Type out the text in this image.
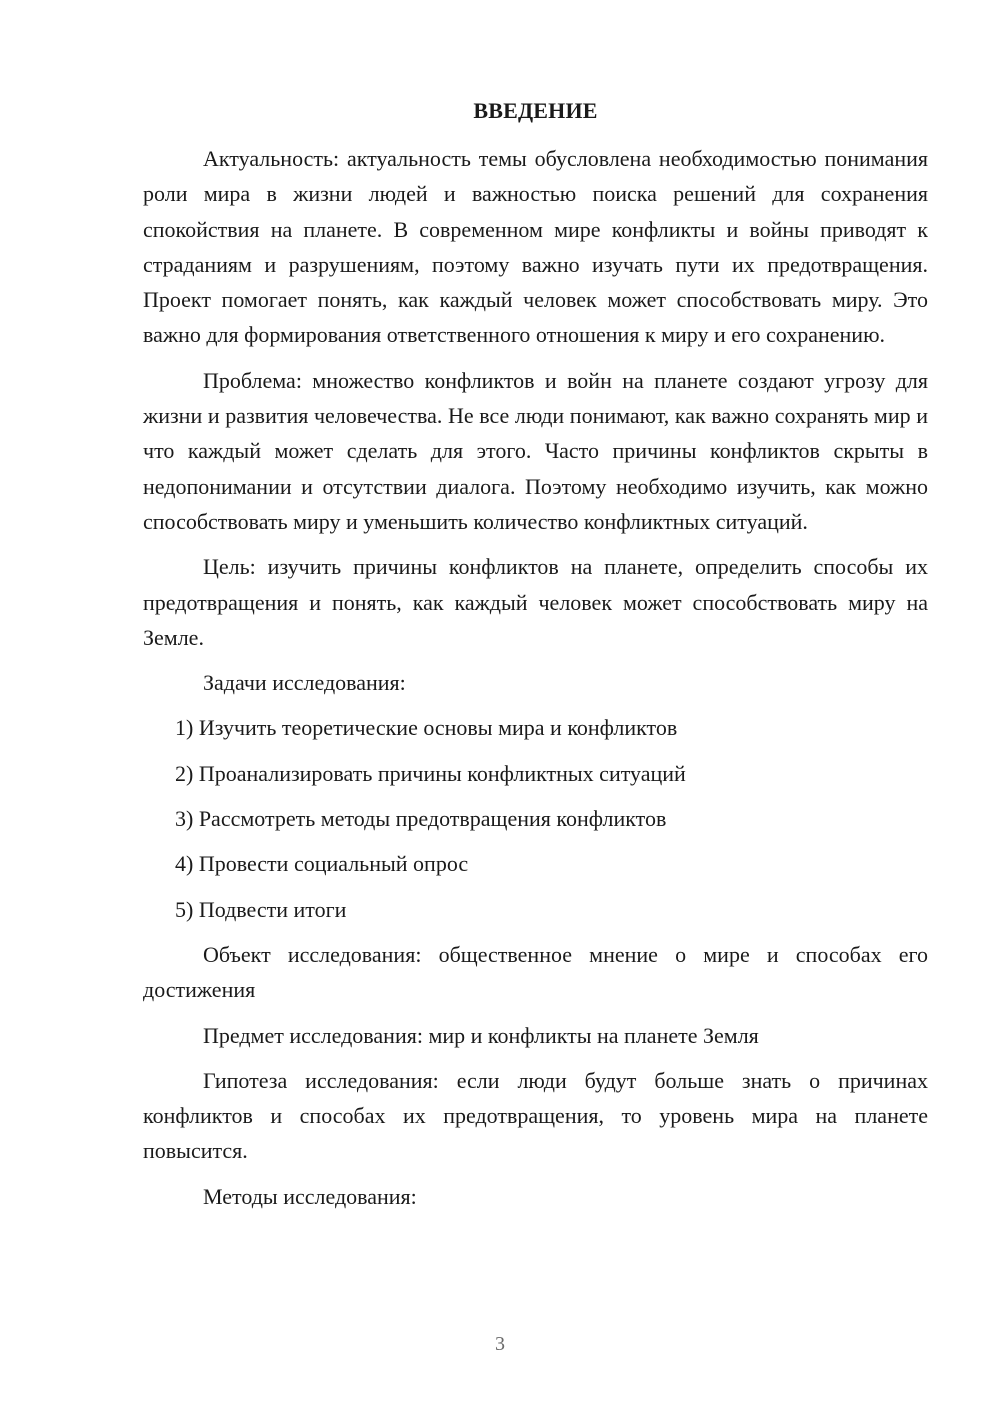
ВВЕДЕНИЕ

Актуальность: актуальность темы обусловлена необходимостью понимания роли мира в жизни людей и важностью поиска решений для сохранения спокойствия на планете. В современном мире конфликты и войны приводят к страданиям и разрушениям, поэтому важно изучать пути их предотвращения. Проект помогает понять, как каждый человек может способствовать миру. Это важно для формирования ответственного отношения к миру и его сохранению.

Проблема: множество конфликтов и войн на планете создают угрозу для жизни и развития человечества. Не все люди понимают, как важно сохранять мир и что каждый может сделать для этого. Часто причины конфликтов скрыты в недопонимании и отсутствии диалога. Поэтому необходимо изучить, как можно способствовать миру и уменьшить количество конфликтных ситуаций.

Цель: изучить причины конфликтов на планете, определить способы их предотвращения и понять, как каждый человек может способствовать миру на Земле.

Задачи исследования:

1) Изучить теоретические основы мира и конфликтов

2) Проанализировать причины конфликтных ситуаций

3) Рассмотреть методы предотвращения конфликтов

4) Провести социальный опрос

5) Подвести итоги

Объект исследования: общественное мнение о мире и способах его достижения

Предмет исследования: мир и конфликты на планете Земля

Гипотеза исследования: если люди будут больше знать о причинах конфликтов и способах их предотвращения, то уровень мира на планете повысится.

Методы исследования:

3
